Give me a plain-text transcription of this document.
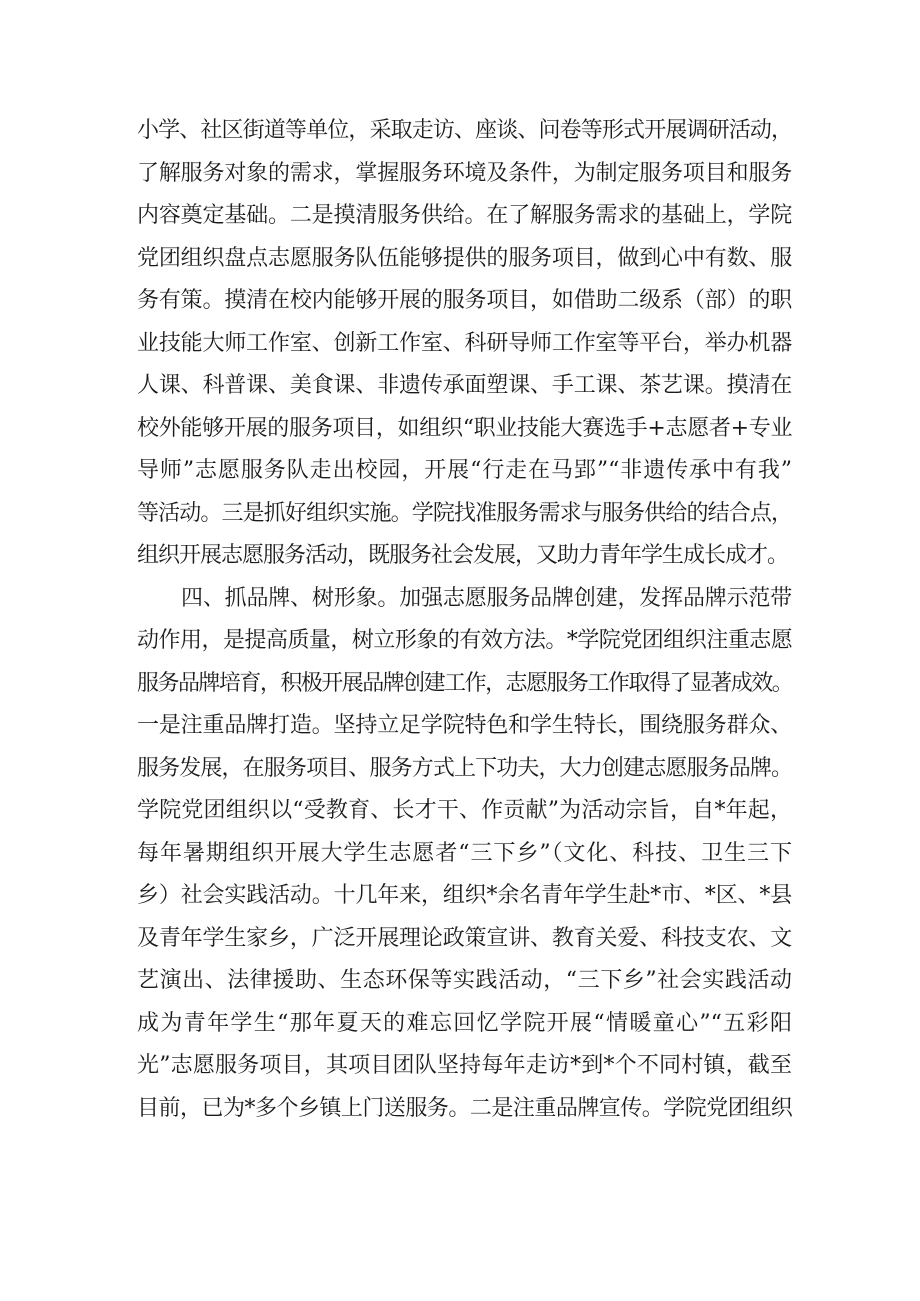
小学、社区街道等单位，采取走访、座谈、问卷等形式开展调研活动，
了解服务对象的需求，掌握服务环境及条件，为制定服务项目和服务
内容奠定基础。二是摸清服务供给。在了解服务需求的基础上，学院
党团组织盘点志愿服务队伍能够提供的服务项目，做到心中有数、服
务有策。摸清在校内能够开展的服务项目，如借助二级系（部）的职
业技能大师工作室、创新工作室、科研导师工作室等平台，举办机器
人课、科普课、美食课、非遗传承面塑课、手工课、茶艺课。摸清在
校外能够开展的服务项目，如组织“职业技能大赛选手+志愿者+专业
导师”志愿服务队走出校园，开展“行走在马郢”“非遗传承中有我”
等活动。三是抓好组织实施。学院找准服务需求与服务供给的结合点，
组织开展志愿服务活动，既服务社会发展，又助力青年学生成长成才。
四、抓品牌、树形象。加强志愿服务品牌创建，发挥品牌示范带
动作用，是提高质量，树立形象的有效方法。*学院党团组织注重志愿
服务品牌培育，积极开展品牌创建工作，志愿服务工作取得了显著成效。
一是注重品牌打造。坚持立足学院特色和学生特长，围绕服务群众、
服务发展，在服务项目、服务方式上下功夫，大力创建志愿服务品牌。
学院党团组织以“受教育、长才干、作贡献”为活动宗旨，自*年起，
每年暑期组织开展大学生志愿者“三下乡”（文化、科技、卫生三下
乡）社会实践活动。十几年来，组织*余名青年学生赴*市、*区、*县
及青年学生家乡，广泛开展理论政策宣讲、教育关爱、科技支农、文
艺演出、法律援助、生态环保等实践活动，“三下乡”社会实践活动
成为青年学生“那年夏天的难忘回忆学院开展“情暖童心”“五彩阳
光”志愿服务项目，其项目团队坚持每年走访*到*个不同村镇，截至
目前，已为*多个乡镇上门送服务。二是注重品牌宣传。学院党团组织
